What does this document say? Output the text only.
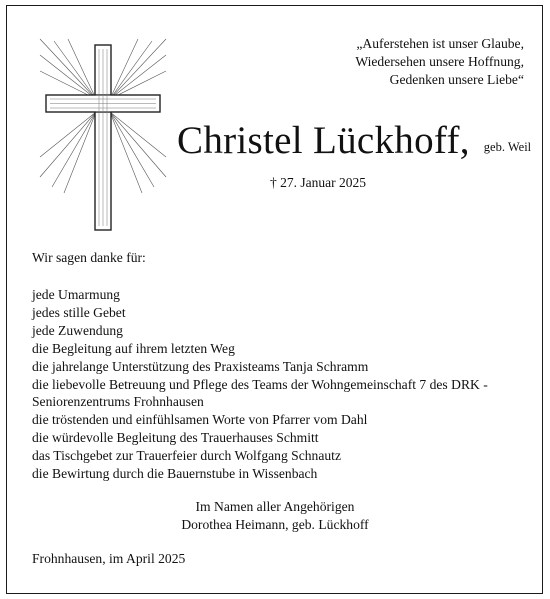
„Auferstehen ist unser Glaube,
Wiedersehen unsere Hoffnung,
Gedenken unsere Liebe“
Christel Lückhoff, geb. Weil
† 27. Januar 2025
Wir sagen danke für:
jede Umarmung
jedes stille Gebet
jede Zuwendung
die Begleitung auf ihrem letzten Weg
die jahrelange Unterstützung des Praxisteams Tanja Schramm
die liebevolle Betreuung und Pflege des Teams der Wohngemeinschaft 7 des DRK -
Seniorenzentrums Frohnhausen
die tröstenden und einfühlsamen Worte von Pfarrer vom Dahl
die würdevolle Begleitung des Trauerhauses Schmitt
das Tischgebet zur Trauerfeier durch Wolfgang Schnautz
die Bewirtung durch die Bauernstube in Wissenbach
Im Namen aller Angehörigen
Dorothea Heimann, geb. Lückhoff
Frohnhausen, im April 2025
